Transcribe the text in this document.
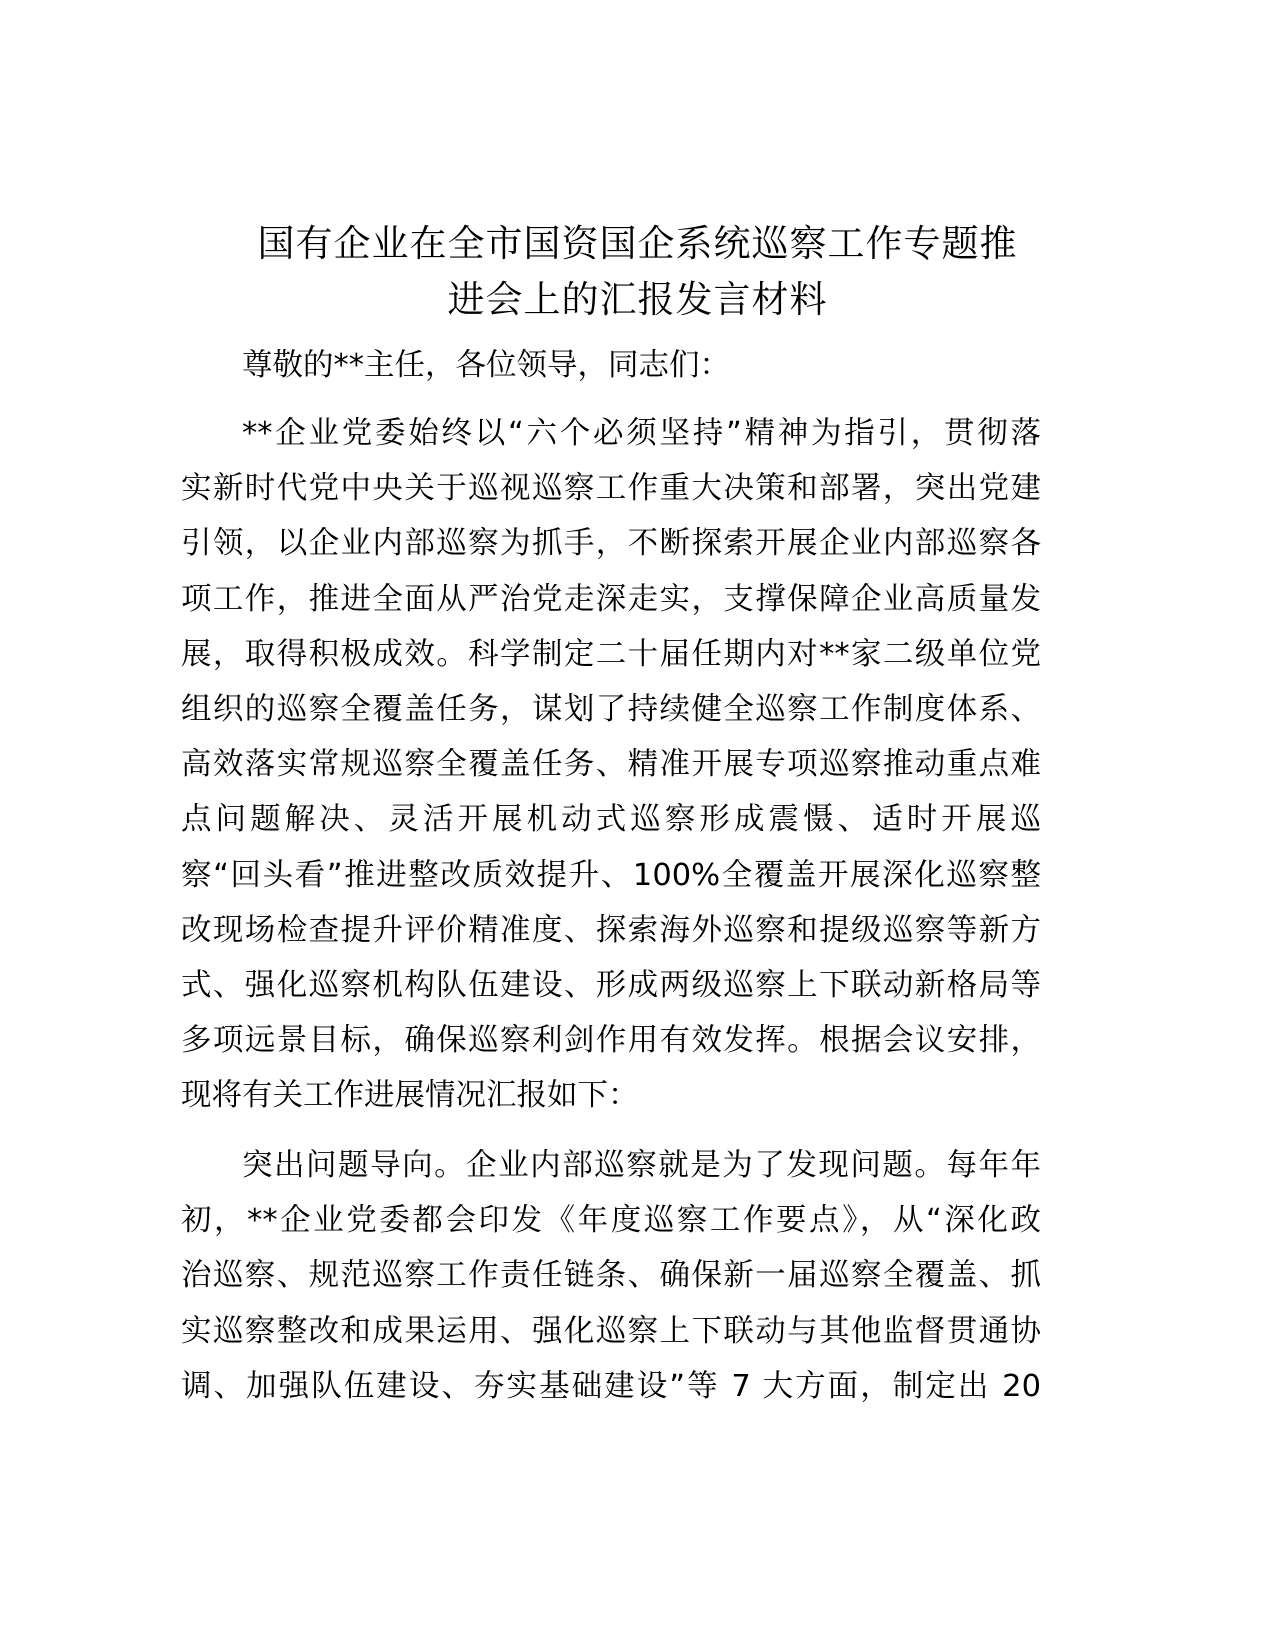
国有企业在全市国资国企系统巡察工作专题推
进会上的汇报发言材料
尊敬的**主任，各位领导，同志们：
**企业党委始终以“六个必须坚持”精神为指引，贯彻落
实新时代党中央关于巡视巡察工作重大决策和部署，突出党建
引领，以企业内部巡察为抓手，不断探索开展企业内部巡察各
项工作，推进全面从严治党走深走实，支撑保障企业高质量发
展，取得积极成效。科学制定二十届任期内对**家二级单位党
组织的巡察全覆盖任务，谋划了持续健全巡察工作制度体系、
高效落实常规巡察全覆盖任务、精准开展专项巡察推动重点难
点问题解决、灵活开展机动式巡察形成震慑、适时开展巡
察“回头看”推进整改质效提升、100%全覆盖开展深化巡察整
改现场检查提升评价精准度、探索海外巡察和提级巡察等新方
式、强化巡察机构队伍建设、形成两级巡察上下联动新格局等
多项远景目标，确保巡察利剑作用有效发挥。根据会议安排，
现将有关工作进展情况汇报如下：
突出问题导向。企业内部巡察就是为了发现问题。每年年
初，**企业党委都会印发《年度巡察工作要点》，从“深化政
治巡察、规范巡察工作责任链条、确保新一届巡察全覆盖、抓
实巡察整改和成果运用、强化巡察上下联动与其他监督贯通协
调、加强队伍建设、夯实基础建设”等 7 大方面，制定出 20
